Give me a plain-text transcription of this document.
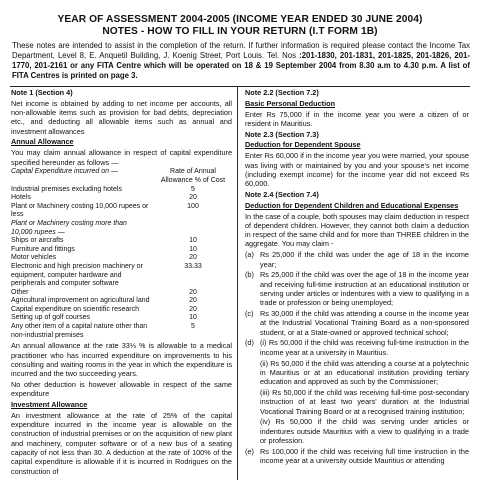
YEAR OF ASSESSMENT 2004-2005 (INCOME YEAR ENDED 30 JUNE 2004)
NOTES - HOW TO FILL IN YOUR RETURN (I.T FORM 1B)
These notes are intended to assist in the completion of the return. If further information is required please contact the Income Tax Department, Level 8, E. Anquetil Building, J. Koenig Street, Port Louis. Tel. Nos :201-1830, 201-1831, 201-1825, 201-1826, 201-1770, 201-2161 or any FITA Centre which will be operated on 18 & 19 September 2004 from 8.30 a.m to 4.30 p.m. A list of FITA Centres is printed on page 3.

Note 1 (Section 4)

Net income is obtained by adding to net income per accounts, all non-allowable items such as provision for bad debts, depreciation etc., and deducting all allowable items such as annual and investment allowances

Annual Allowance

You may claim annual allowance in respect of capital expenditure specified hereunder as follows —

Capital Expenditure incurred on —	Rate of Annual Allowance % of Cost
Industrial premises excluding hotels	5
Hotels	20
Plant or Machinery costing 10,000 rupees or less	100
Plant or Machinery costing more than 10,000 rupees —	
Ships or aircrafts	10
Furniture and fittings	10
Motor vehicles	20
Electronic and high precision machinery or equipment, computer hardware and peripherals and computer software	33.33
Other	20
Agricultural improvement on agricultural land	20
Capital expenditure on scientific research	20
Setting up of golf courses	10
Any other item of a capital nature other than non-industrial premises	5

An annual allowance at the rate 33⅓ % is allowable to a medical practitioner who has incurred expenditure on improvements to his consulting and waiting rooms in the year in which the expenditure is incurred and the two succeeding years.

No other deduction is however allowable in respect of the same expenditure

Investment Allowance

An investment allowance at the rate of 25% of the capital expenditure incurred in the income year is allowable on the construction of industrial premises or on the acquisition of new plant and machinery, computer software or of a new bus of a seating capacity of not less than 30. A deduction at the rate of 100% of the capital expenditure is allowable if it is incurred in Rodrigues on the construction of

Note 2.2 (Section 7.2)

Basic Personal Deduction

Enter Rs 75,000 if in the income year you were a citizen of or resident in Mauritius.

Note 2.3 (Section 7.3)

Deduction for Dependent Spouse

Enter Rs 60,000 if in the income year you were married, your spouse was living with or maintained by you and your spouse's net income (including exempt income) for the income year did not exceed Rs 60,000.

Note 2.4 (Section 7.4)

Deduction for Dependent Children and Educational Expenses

In the case of a couple, both spouses may claim deduction in respect of dependent children. However, they cannot both claim a deduction in respect of the same child and for more than THREE children in the aggregate. You may claim -

(a) Rs 25,000 if the child was under the age of 18 in the income year;
(b) Rs 25,000 if the child was over the age of 18 in the income year and receiving full-time instruction at an educational institution or serving under articles or indentures with a view to qualifying in a trade or profession or being unemployed;
(c) Rs 30,000 if the child was attending a course in the income year at the Industrial Vocational Training Board as a non-sponsored student, or at a State-owned or approved technical school;
(d) (i) Rs 50,000 if the child was receiving full-time instruction in the income year at a university in Mauritius.
(ii) Rs 50,000 if the child was attending a course at a polytechnic in Mauritius or at an educational institution providing tertiary education and approved as such by the Commissioner;
(iii) Rs 50,000 if the child was receiving full-time post-secondary instruction of at least two years' duration at the Industrial Vocational Training Board or at a recognised training institution;
(iv) Rs 50,000 if the child was serving under articles or indentures outside Mauritius with a view to qualifying in a trade or profession.
(e) Rs 100,000 if the child was receiving full time instruction in the income year at a university outside Mauritius or attending
